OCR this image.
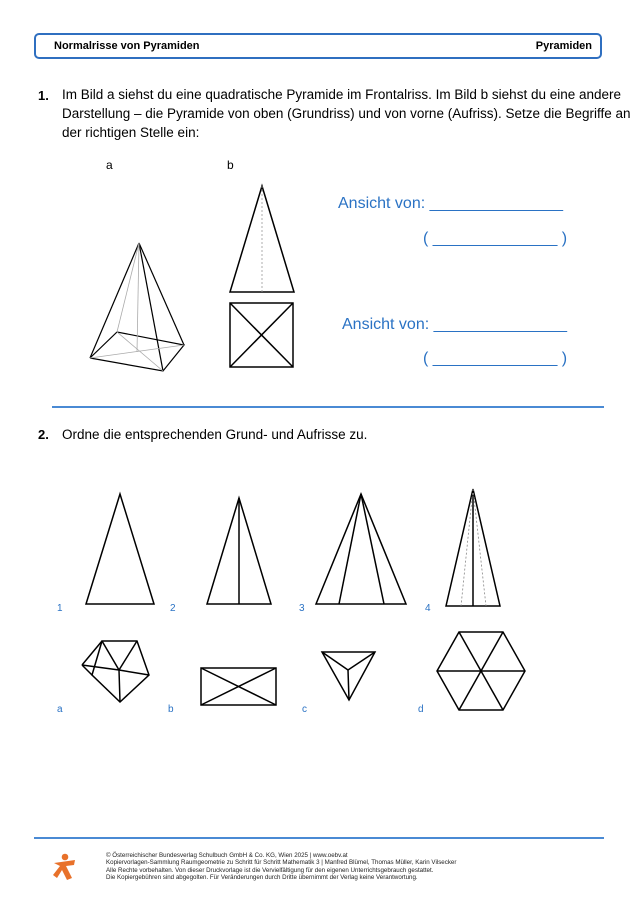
Normalrisse von Pyramiden	Pyramiden
1. Im Bild a siehst du eine quadratische Pyramide im Frontalriss. Im Bild b siehst du eine andere
Darstellung – die Pyramide von oben (Grundriss) und von vorne (Aufriss). Setze die Begriffe an
der richtigen Stelle ein:
a	b
Ansicht von: _______________
( ______________ )
Ansicht von: _______________
( ______________ )
2. Ordne die entsprechenden Grund- und Aufrisse zu.
1	2	3	4
a	b	c	d
© Österreichischer Bundesverlag Schulbuch GmbH & Co. KG, Wien 2025 | www.oebv.at
Kopiervorlagen-Sammlung Raumgeometrie zu Schritt für Schritt Mathematik 3 | Manfred Blümel, Thomas Müller, Karin Vilsecker
Alle Rechte vorbehalten. Von dieser Druckvorlage ist die Vervielfältigung für den eigenen Unterrichtsgebrauch gestattet.
Die Kopiergebühren sind abgegolten. Für Veränderungen durch Dritte übernimmt der Verlag keine Verantwortung.
